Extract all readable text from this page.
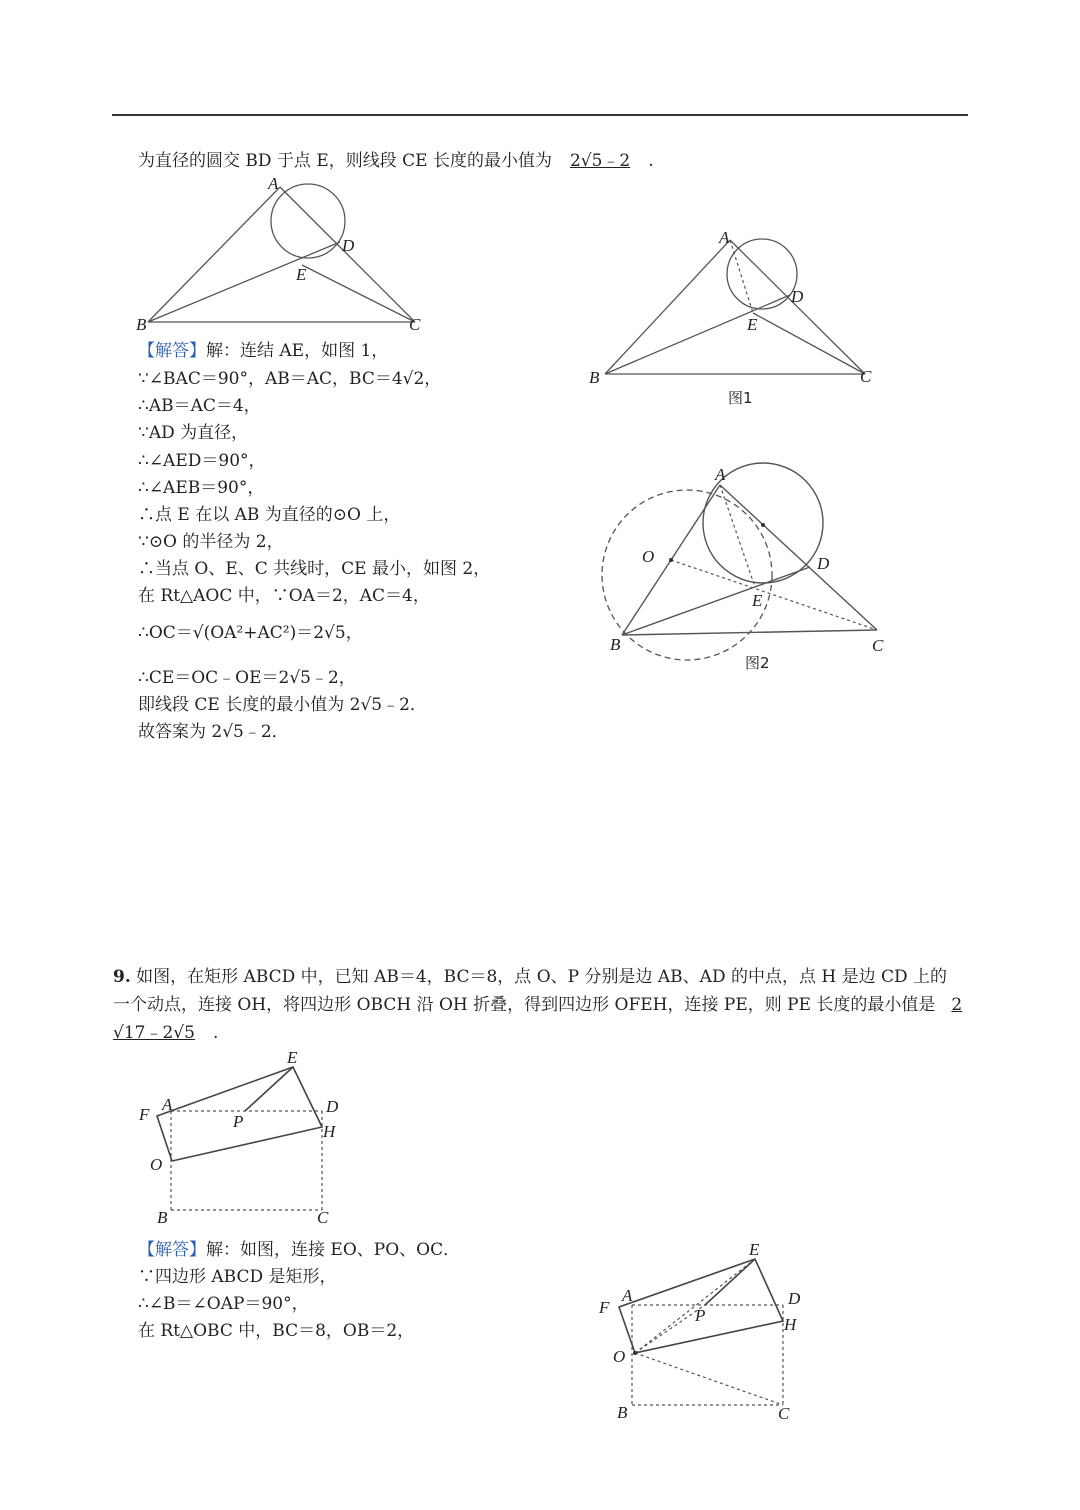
为直径的圆交 BD 于点 E，则线段 CE 长度的最小值为 2√5﹣2 .
A
B	C
D
E
【解答】解：连结 AE，如图 1，
∵∠BAC＝90°，AB＝AC，BC＝4√2，
∴AB＝AC＝4，
∵AD 为直径，
∴∠AED＝90°，
∴∠AEB＝90°，
∴点 E 在以 AB 为直径的⊙O 上，
∵⊙O 的半径为 2，
∴当点 O、E、C 共线时，CE 最小，如图 2，
在 Rt△AOC 中，∵OA＝2，AC＝4，
∴OC＝√(OA²+AC²)＝2√5，
∴CE＝OC﹣OE＝2√5﹣2，
即线段 CE 长度的最小值为 2√5﹣2．
故答案为 2√5﹣2．
A
B	C
D
E
图1
A
B	C
D
E
O
图2
9. 如图，在矩形 ABCD 中，已知 AB＝4，BC＝8，点 O、P 分别是边 AB、AD 的中点，点 H 是边 CD 上的
一个动点，连接 OH，将四边形 OBCH 沿 OH 折叠，得到四边形 OFEH，连接 PE，则 PE 长度的最小值是 2
√17﹣2√5 .
A
B	C
D
E
F
H
O
P
【解答】解：如图，连接 EO、PO、OC．
∵四边形 ABCD 是矩形，
∴∠B＝∠OAP＝90°，
在 Rt△OBC 中，BC＝8，OB＝2，
A
B	C
D
E
F
H
O
P
